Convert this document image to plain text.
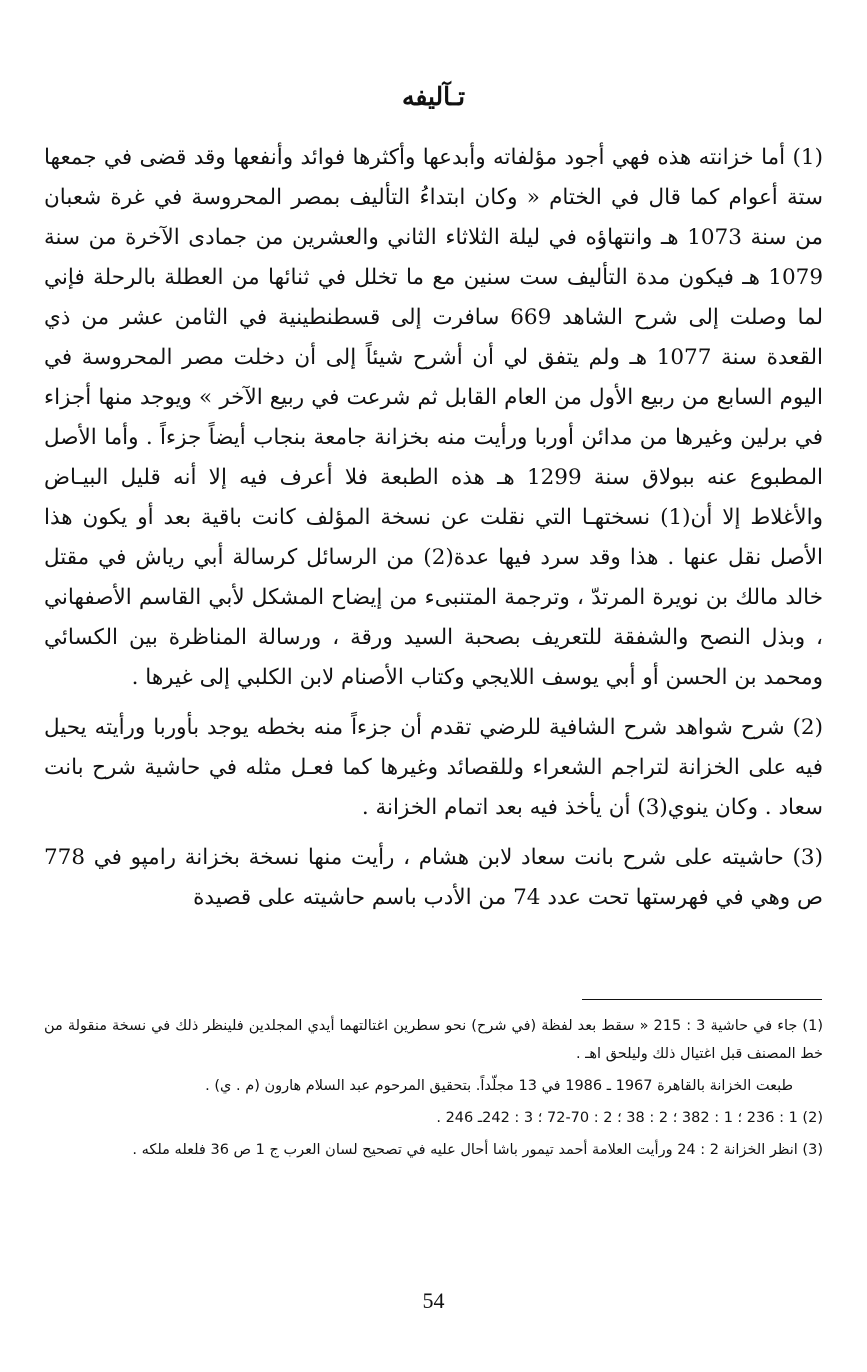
تـآليفه

(1) أما خزانته هذه فهي أجود مؤلفاته وأبدعها وأكثرها فوائد وأنفعها وقد قضى في جمعها ستة أعوام كما قال في الختام « وكان ابتداءُ التأليف بمصر المحروسة في غرة شعبان من سنة 1073 هـ وانتهاؤه في ليلة الثلاثاء الثاني والعشرين من جمادى الآخرة من سنة 1079 هـ فيكون مدة التأليف ست سنين مع ما تخلل في ثنائها من العطلة بالرحلة فإني لما وصلت إلى شرح الشاهد 669 سافرت إلى قسطنطينية في الثامن عشر من ذي القعدة سنة 1077 هـ ولم يتفق لي أن أشرح شيئاً إلى أن دخلت مصر المحروسة في اليوم السابع من ربيع الأول من العام القابل ثم شرعت في ربيع الآخر » ويوجد منها أجزاء في برلين وغيرها من مدائن أوربا ورأيت منه بخزانة جامعة بنجاب أيضاً جزءاً . وأما الأصل المطبوع عنه ببولاق سنة 1299 هـ هذه الطبعة فلا أعرف فيه إلا أنه قليل البيـاض والأغلاط إلا أن(1) نسختهـا التي نقلت عن نسخة المؤلف كانت باقية بعد أو يكون هذا الأصل نقل عنها . هذا وقد سرد فيها عدة(2) من الرسائل كرسالة أبي رياش في مقتل خالد مالك بن نويرة المرتدّ ، وترجمة المتنبىء من إيضاح المشكل لأبي القاسم الأصفهاني ، وبذل النصح والشفقة للتعريف بصحبة السيد ورقة ، ورسالة المناظرة بين الكسائي ومحمد بن الحسن أو أبي يوسف اللايجي وكتاب الأصنام لابن الكلبي إلى غيرها .

(2) شرح شواهد شرح الشافية للرضي تقدم أن جزءاً منه بخطه يوجد بأوربا ورأيته يحيل فيه على الخزانة لتراجم الشعراء وللقصائد وغيرها كما فعـل مثله في حاشية شرح بانت سعاد . وكان ينوي(3) أن يأخذ فيه بعد اتمام الخزانة .

(3) حاشيته على شرح بانت سعاد لابن هشام ، رأيت منها نسخة بخزانة رامپو في 778 ص وهي في فهرستها تحت عدد 74 من الأدب باسم حاشيته على قصيدة

(1) جاء في حاشية 3 : 215 « سقط بعد لفظة (في شرح) نحو سطرين اغتالتهما أيدي المجلدين فلينظر ذلك في نسخة منقولة من خط المصنف قبل اغتيال ذلك وليلحق اهـ .

طبعت الخزانة بالقاهرة 1967 ـ 1986 في 13 مجلّداً. بتحقيق المرحوم عبد السلام هارون (م . ي) .

(2) 1 : 236 ؛ 1 : 382 ؛ 2 : 38 ؛ 2 : 70-72 ؛ 3 : 242ـ 246 .

(3) انظر الخزانة 2 : 24 ورأيت العلامة أحمد تيمور باشا أحال عليه في تصحيح لسان العرب ج 1 ص 36 فلعله ملكه .

54
